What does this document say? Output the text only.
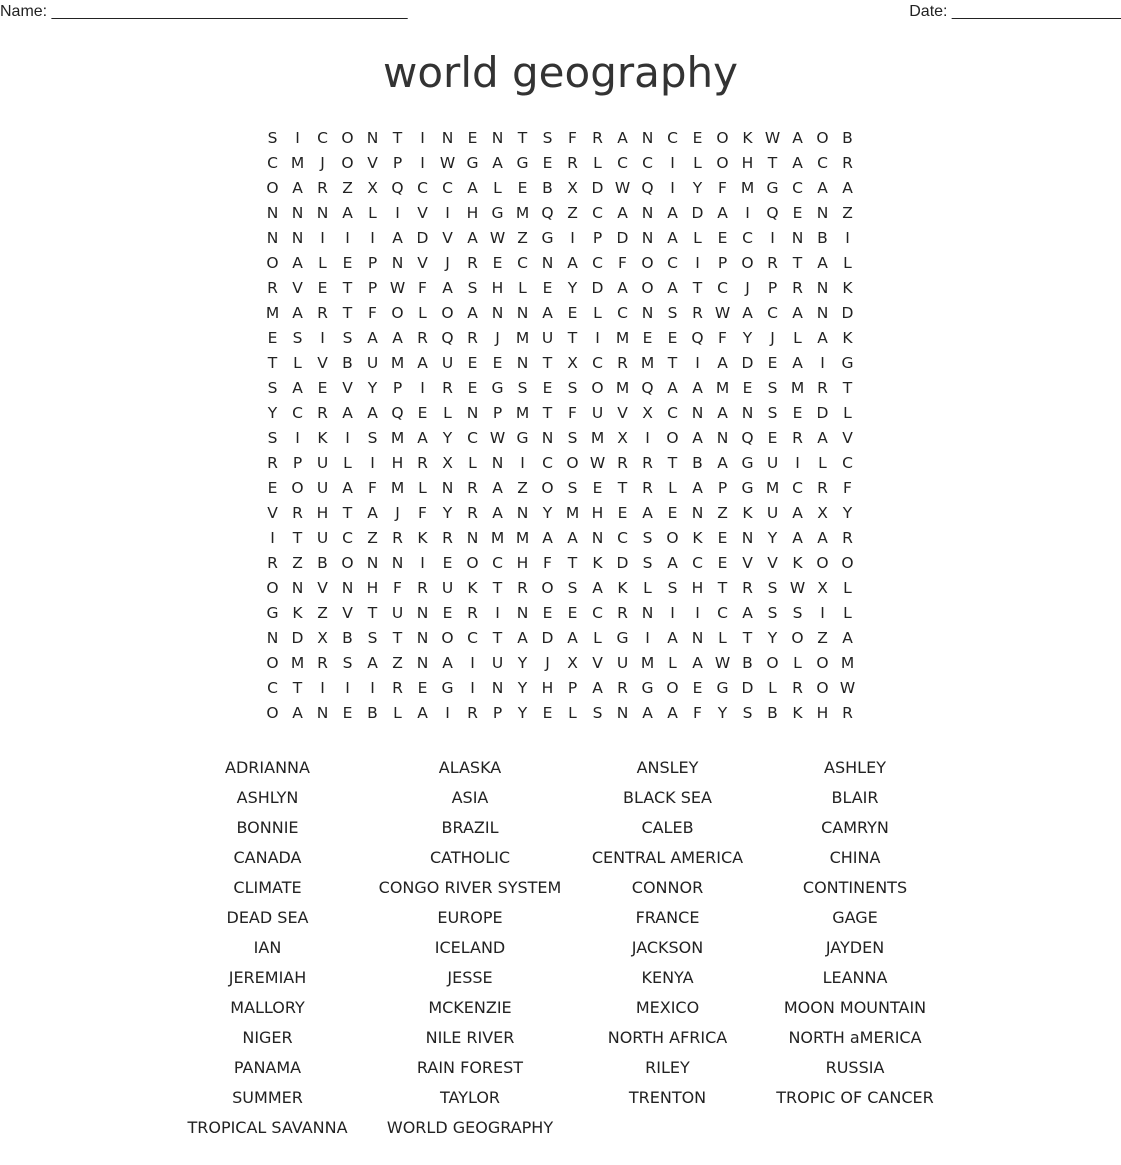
Name: ________________________________________	Date: ___________________
world geography
S	I	C O N T	I	N E N T S	F R A N C E O K W A O B
C M	J	O V P	I W G A G E R L C C	I	L O H T A C R
O A R Z X Q C C A L	E B X D W Q	I	Y	F M G C A A
N N N A L	I	V	I	H G M Q Z C A N A D A	I	Q E N Z
N N	I	I	I	A D V A W Z G	I	P D N A L	E C	I	N B	I
O A L	E P N V	J	R E C N A C F O C	I	P O R T A L
R V E T	P W F A S H L	E Y D A O A T C	J	P R N K
M A R T	F O L O A N N A E	L C N S R W A C A N D
E S	I	S A A R Q R	J	M U T	I	M E E Q F	Y	J	L A K
T	L V B U M A U E E N T X C R M T	I	A D E A	I	G
S A E V Y	P	I	R E G S E S O M Q A A M E S M R T
Y C R A A Q E	L N P M T	F U V X C N A N S E D L
S	I	K	I	S M A Y C W G N S M X	I	O A N Q E R A V
R P U L	I	H R X L N	I	C O W R R T B A G U	I	L C
E O U A F M L N R A Z O S E T R L A P G M C R F
V R H T A	J	F	Y R A N Y M H E A E N Z K U A X Y
I	T U C Z R K R N M M A A N C S O K E N Y A A R
R Z B O N N	I	E O C H F	T K D S A C E V V K O O
O N V N H F R U K T R O S A K	L	S H T R S W X L
G K Z V T U N E R	I	N E E C R N	I	I	C A S S	I	L
N D X B S T N O C T A D A L G	I	A N L	T	Y O Z A
O M R S A Z N A	I	U Y	J	X V U M L A W B O L O M
C T	I	I	I	R E G	I	N Y H P A R G O E G D L R O W
O A N E B L A	I	R P	Y E	L	S N A A F	Y S B K H R
ADRIANNA	ALASKA	ANSLEY	ASHLEY
ASHLYN	ASIA	BLACK SEA	BLAIR
BONNIE	BRAZIL	CALEB	CAMRYN
CANADA	CATHOLIC	CENTRAL AMERICA	CHINA
CLIMATE	CONGO RIVER SYSTEM	CONNOR	CONTINENTS
DEAD SEA	EUROPE	FRANCE	GAGE
IAN	ICELAND	JACKSON	JAYDEN
JEREMIAH	JESSE	KENYA	LEANNA
MALLORY	MCKENZIE	MEXICO	MOON MOUNTAIN
NIGER	NILE RIVER	NORTH AFRICA	NORTH aMERICA
PANAMA	RAIN FOREST	RILEY	RUSSIA
SUMMER	TAYLOR	TRENTON	TROPIC OF CANCER
TROPICAL SAVANNA	WORLD GEOGRAPHY
